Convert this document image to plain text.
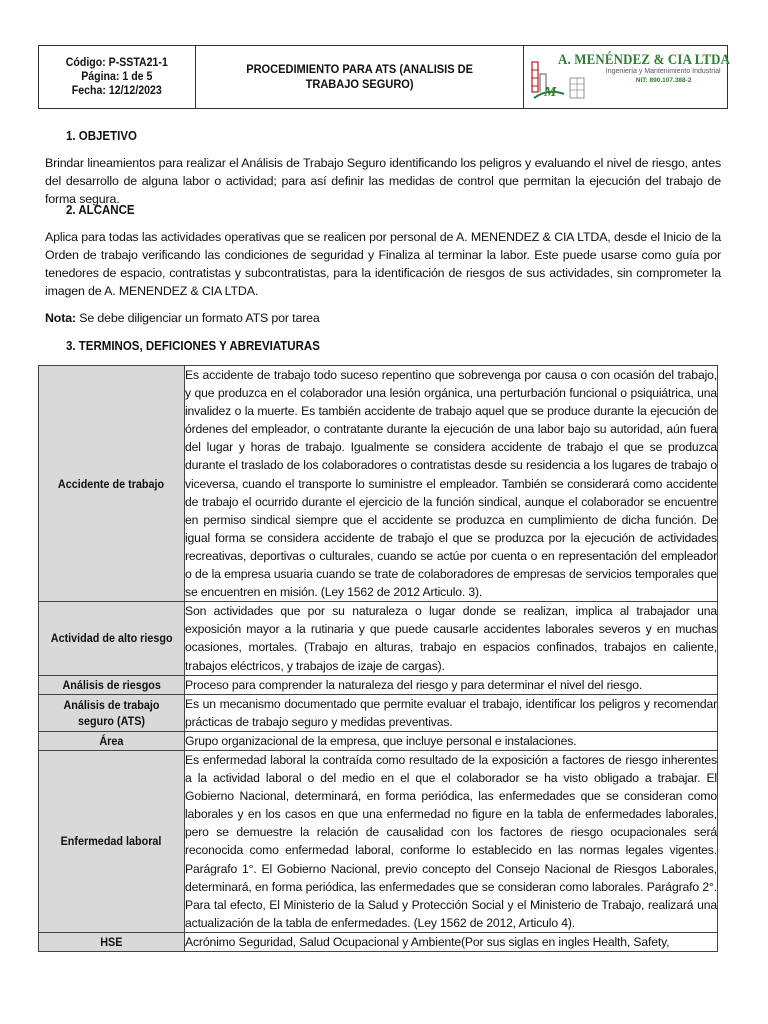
Código: P-SSTA21-1
Página: 1 de 5
Fecha: 12/12/2023

PROCEDIMIENTO PARA ATS (ANALISIS DE TRABAJO SEGURO)

M
A. MENÉNDEZ & CIA LTDA
Ingeniería y Mantenimiento Industrial
NIT: 890.107.388-2
1. OBJETIVO
Brindar lineamientos para realizar el Análisis de Trabajo Seguro identificando los peligros y evaluando el nivel de riesgo, antes del desarrollo de alguna labor o actividad; para así definir las medidas de control que permitan la ejecución del trabajo de forma segura.
2. ALCANCE
Aplica para todas las actividades operativas que se realicen por personal de A. MENENDEZ & CIA LTDA, desde el Inicio de la Orden de trabajo verificando las condiciones de seguridad y Finaliza al terminar la labor. Este puede usarse como guía por tenedores de espacio, contratistas y subcontratistas, para la identificación de riesgos de sus actividades, sin comprometer la imagen de A. MENENDEZ & CIA LTDA.
Nota: Se debe diligenciar un formato ATS por tarea
3. TERMINOS, DEFICIONES Y ABREVIATURAS
Accidente de trabajo	Es accidente de trabajo todo suceso repentino que sobrevenga por causa o con ocasión del trabajo, y que produzca en el colaborador una lesión orgánica, una perturbación funcional o psiquiátrica, una invalidez o la muerte. Es también accidente de trabajo aquel que se produce durante la ejecución de órdenes del empleador, o contratante durante la ejecución de una labor bajo su autoridad, aún fuera del lugar y horas de trabajo. Igualmente se considera accidente de trabajo el que se produzca durante el traslado de los colaboradores o contratistas desde su residencia a los lugares de trabajo o viceversa, cuando el transporte lo suministre el empleador. También se considerará como accidente de trabajo el ocurrido durante el ejercicio de la función sindical, aunque el colaborador se encuentre en permiso sindical siempre que el accidente se produzca en cumplimiento de dicha función. De igual forma se considera accidente de trabajo el que se produzca por la ejecución de actividades recreativas, deportivas o culturales, cuando se actúe por cuenta o en representación del empleador o de la empresa usuaria cuando se trate de colaboradores de empresas de servicios temporales que se encuentren en misión. (Ley 1562 de 2012 Articulo. 3).
Actividad de alto riesgo	Son actividades que por su naturaleza o lugar donde se realizan, implica al trabajador una exposición mayor a la rutinaria y que puede causarle accidentes laborales severos y en muchas ocasiones, mortales. (Trabajo en alturas, trabajo en espacios confinados, trabajos en caliente, trabajos eléctricos, y trabajos de izaje de cargas).
Análisis de riesgos	Proceso para comprender la naturaleza del riesgo y para determinar el nivel del riesgo.
Análisis de trabajo seguro (ATS)	Es un mecanismo documentado que permite evaluar el trabajo, identificar los peligros y recomendar prácticas de trabajo seguro y medidas preventivas.
Área	Grupo organizacional de la empresa, que incluye personal e instalaciones.
Enfermedad laboral	Es enfermedad laboral la contraída como resultado de la exposición a factores de riesgo inherentes a la actividad laboral o del medio en el que el colaborador se ha visto obligado a trabajar. El Gobierno Nacional, determinará, en forma periódica, las enfermedades que se consideran como laborales y en los casos en que una enfermedad no figure en la tabla de enfermedades laborales, pero se demuestre la relación de causalidad con los factores de riesgo ocupacionales será reconocida como enfermedad laboral, conforme lo establecido en las normas legales vigentes. Parágrafo 1°. El Gobierno Nacional, previo concepto del Consejo Nacional de Riesgos Laborales, determinará, en forma periódica, las enfermedades que se consideran como laborales. Parágrafo 2°. Para tal efecto, El Ministerio de la Salud y Protección Social y el Ministerio de Trabajo, realizará una actualización de la tabla de enfermedades. (Ley 1562 de 2012, Articulo 4).
HSE	Acrónimo Seguridad, Salud Ocupacional y Ambiente(Por sus siglas en ingles Health, Safety,
